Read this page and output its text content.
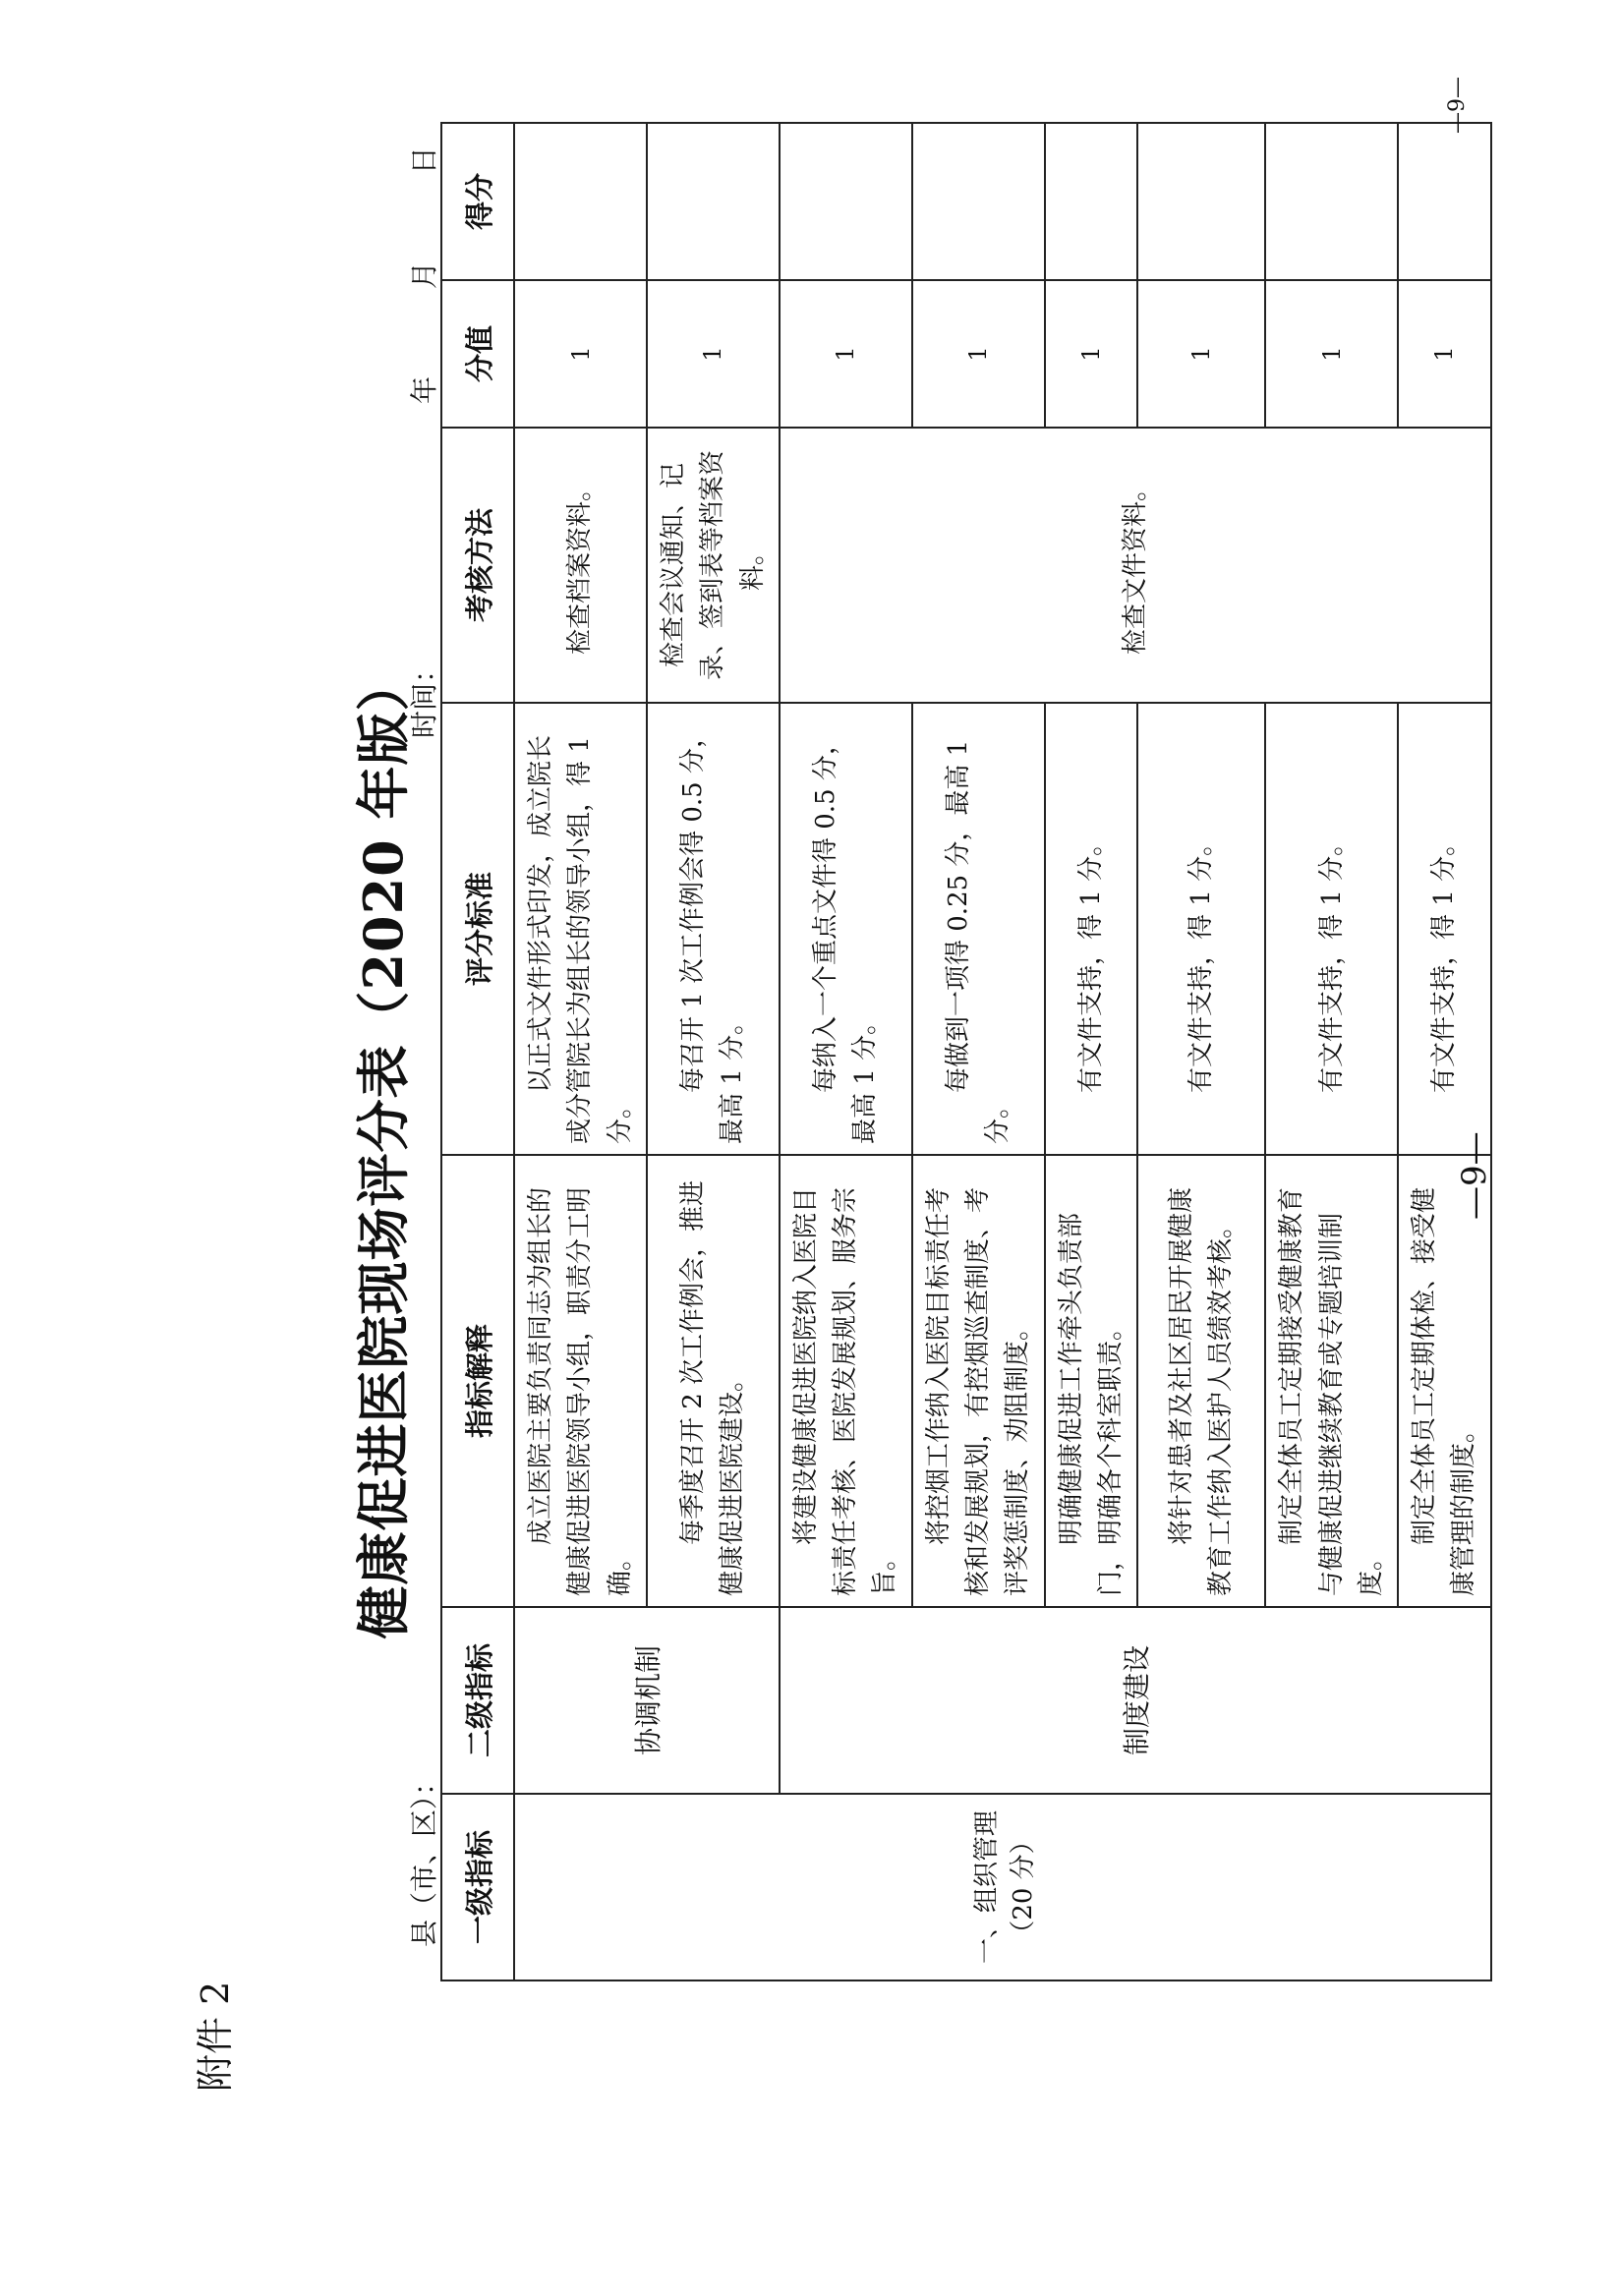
附件 2
健康促进医院现场评分表（2020 年版）
县（市、区）：
时间：
年 月 日
一级指标	二级指标	指标解释	评分标准	考核方法	分值	得分
一、组织管理（20 分）	协调机制	成立医院主要负责同志为组长的健康促进医院领导小组，职责分工明确。	以正式文件形式印发，成立院长或分管院长为组长的领导小组，得 1 分。	检查档案资料。	1	
		每季度召开 2 次工作例会，推进健康促进医院建设。	每召开 1 次工作例会得 0.5 分，最高 1 分。	检查会议通知、记录、签到表等档案资料。	1	
	制度建设	将建设健康促进医院纳入医院目标责任考核、医院发展规划、服务宗旨。	每纳入一个重点文件得 0.5 分，最高 1 分。	检查文件资料。	1	
		将控烟工作纳入医院目标责任考核和发展规划，有控烟巡查制度、考评奖惩制度、劝阻制度。	每做到一项得 0.25 分，最高 1 分。		1	
		明确健康促进工作牵头负责部门，明确各个科室职责。	有文件支持，得 1 分。		1	
		将针对患者及社区居民开展健康教育工作纳入医护人员绩效考核。	有文件支持，得 1 分。		1	
		制定全体员工定期接受健康教育与健康促进继续教育或专题培训制度。	有文件支持，得 1 分。		1	
		制定全体员工定期体检、接受健康管理的制度。	有文件支持，得 1 分。		1	
—9—
—9—
